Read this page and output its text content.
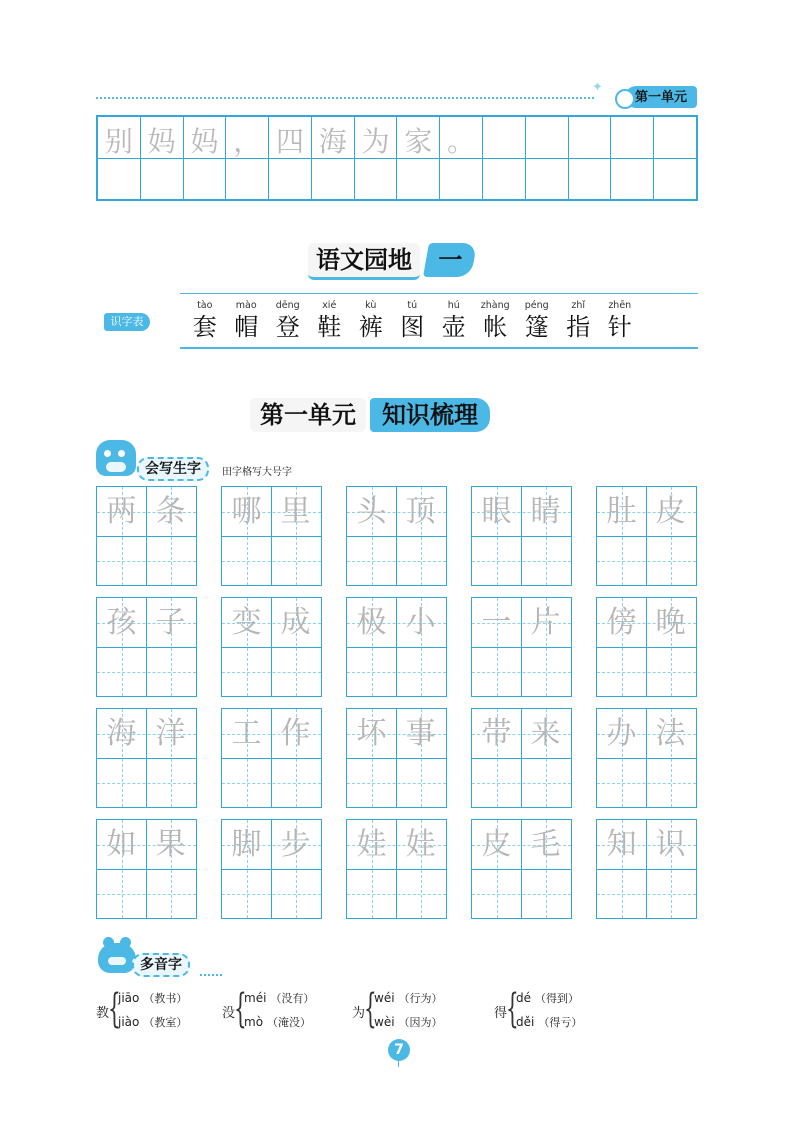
✦
第一单元
别 妈 妈 ， 四 海 为 家 。
语文园地 一
识字表
tào
套
mào
帽
dēng
登
xié
鞋
kù
裤
tú
图
hú
壶
zhàng
帐
péng
篷
zhǐ
指
zhēn
针
第一单元 知识梳理
会写生字	田字格写大号字
两 条	哪 里	头 顶	眼 睛	肚 皮
孩 子	变 成	极 小	一 片	傍 晚
海 洋	工 作	坏 事	带 来	办 法
如 果	脚 步	娃 娃	皮 毛	知 识
多音字
教
{
jiāo （教书）
jiào （教室）
没
{
méi （没有）
mò （淹没）
为
{
wéi （行为）
wèi （因为）
得
{
dé （得到）
děi （得亏）
7
